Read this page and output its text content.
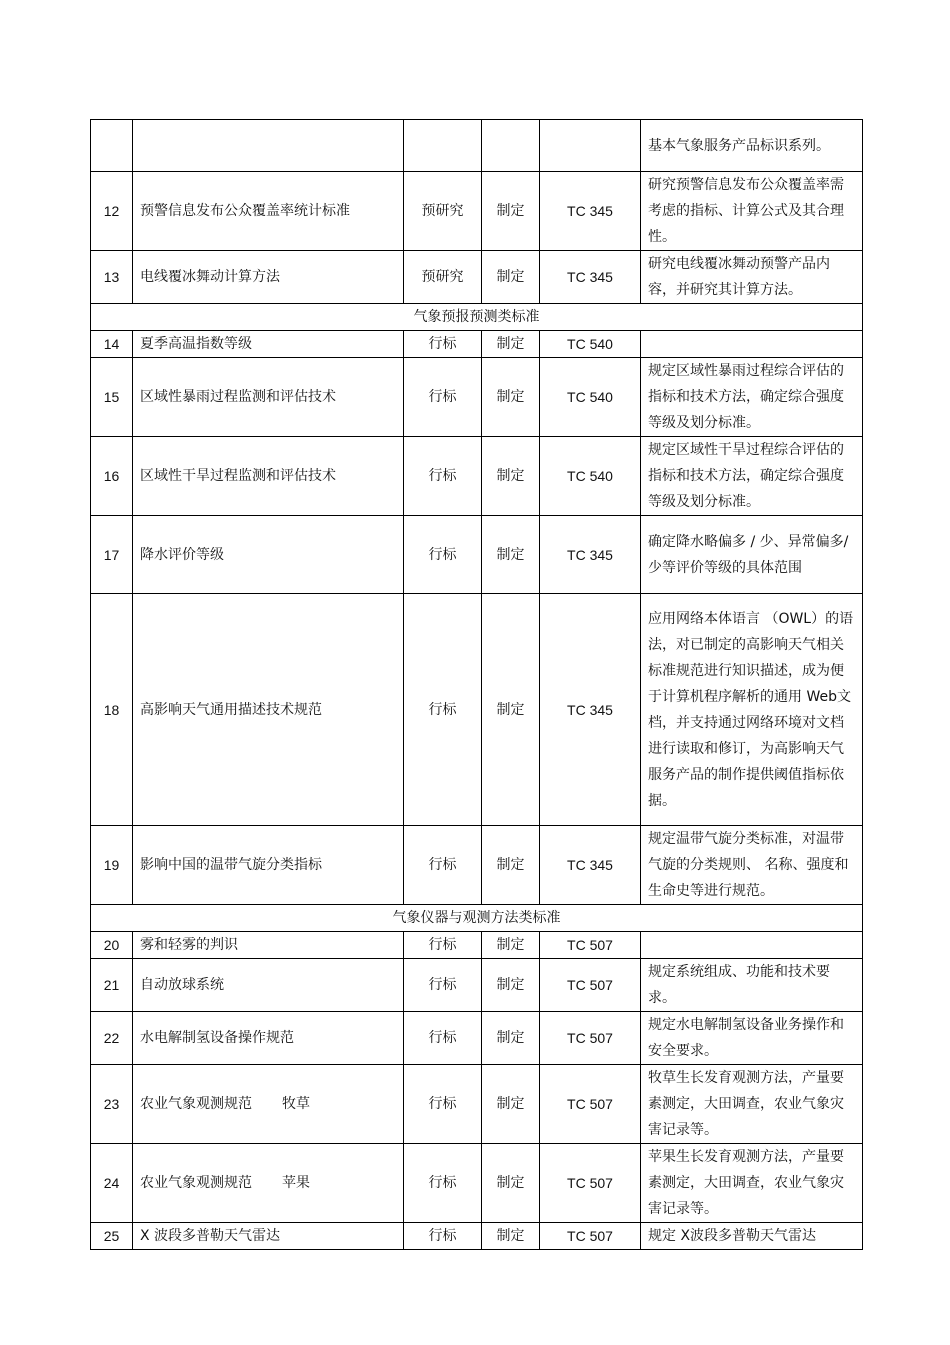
					基本气象服务产品标识系列。
12	预警信息发布公众覆盖率统计标准	预研究	制定	TC 345	研究预警信息发布公众覆盖率需考虑的指标、计算公式及其合理性。
13	电线覆冰舞动计算方法	预研究	制定	TC 345	研究电线覆冰舞动预警产品内容，并研究其计算方法。
气象预报预测类标准					
14	夏季高温指数等级	行标	制定	TC 540	
15	区域性暴雨过程监测和评估技术	行标	制定	TC 540	规定区域性暴雨过程综合评估的指标和技术方法，确定综合强度等级及划分标准。
16	区域性干旱过程监测和评估技术	行标	制定	TC 540	规定区域性干旱过程综合评估的指标和技术方法，确定综合强度等级及划分标准。
17	降水评价等级	行标	制定	TC 345	确定降水略偏多 / 少、异常偏多/ 少等评价等级的具体范围
18	高影响天气通用描述技术规范	行标	制定	TC 345	应用网络本体语言 （OWL）的语法，对已制定的高影响天气相关标准规范进行知识描述，成为便于计算机程序解析的通用 Web文档，并支持通过网络环境对文档进行读取和修订，为高影响天气服务产品的制作提供阈值指标依据。
19	影响中国的温带气旋分类指标	行标	制定	TC 345	规定温带气旋分类标准，对温带气旋的分类规则、 名称、强度和生命史等进行规范。
气象仪器与观测方法类标准					
20	雾和轻雾的判识	行标	制定	TC 507	
21	自动放球系统	行标	制定	TC 507	规定系统组成、功能和技术要求。
22	水电解制氢设备操作规范	行标	制定	TC 507	规定水电解制氢设备业务操作和安全要求。
23	农业气象观测规范 牧草	行标	制定	TC 507	牧草生长发育观测方法，产量要素测定，大田调查，农业气象灾害记录等。
24	农业气象观测规范 苹果	行标	制定	TC 507	苹果生长发育观测方法，产量要素测定，大田调查，农业气象灾害记录等。
25	X 波段多普勒天气雷达	行标	制定	TC 507	规定 X波段多普勒天气雷达
